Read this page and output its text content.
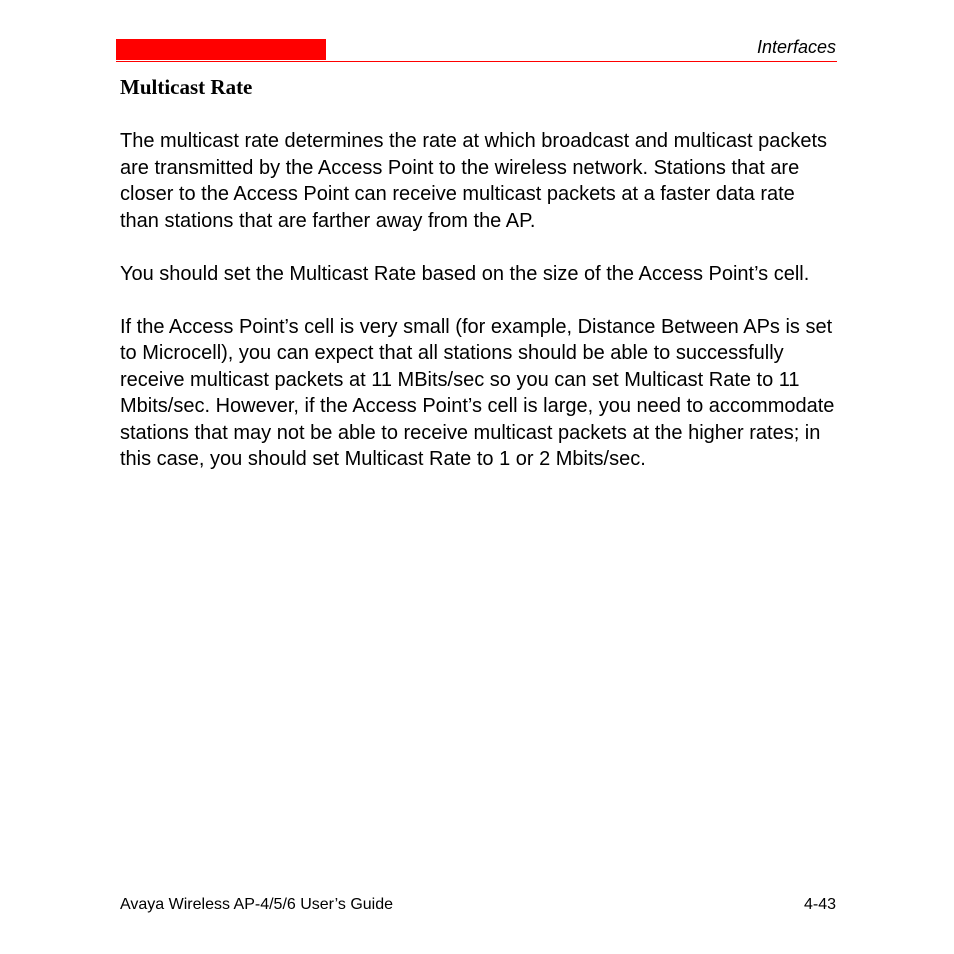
Interfaces
Multicast Rate

The multicast rate determines the rate at which broadcast and multicast packets are transmitted by the Access Point to the wireless network. Stations that are closer to the Access Point can receive multicast packets at a faster data rate than stations that are farther away from the AP.

You should set the Multicast Rate based on the size of the Access Point’s cell.

If the Access Point’s cell is very small (for example, Distance Between APs is set to Microcell), you can expect that all stations should be able to successfully receive multicast packets at 11 MBits/sec so you can set Multicast Rate to 11 Mbits/sec. However, if the Access Point’s cell is large, you need to accommodate stations that may not be able to receive multicast packets at the higher rates; in this case, you should set Multicast Rate to 1 or 2 Mbits/sec.

Avaya Wireless AP-4/5/6 User’s Guide	4-43
